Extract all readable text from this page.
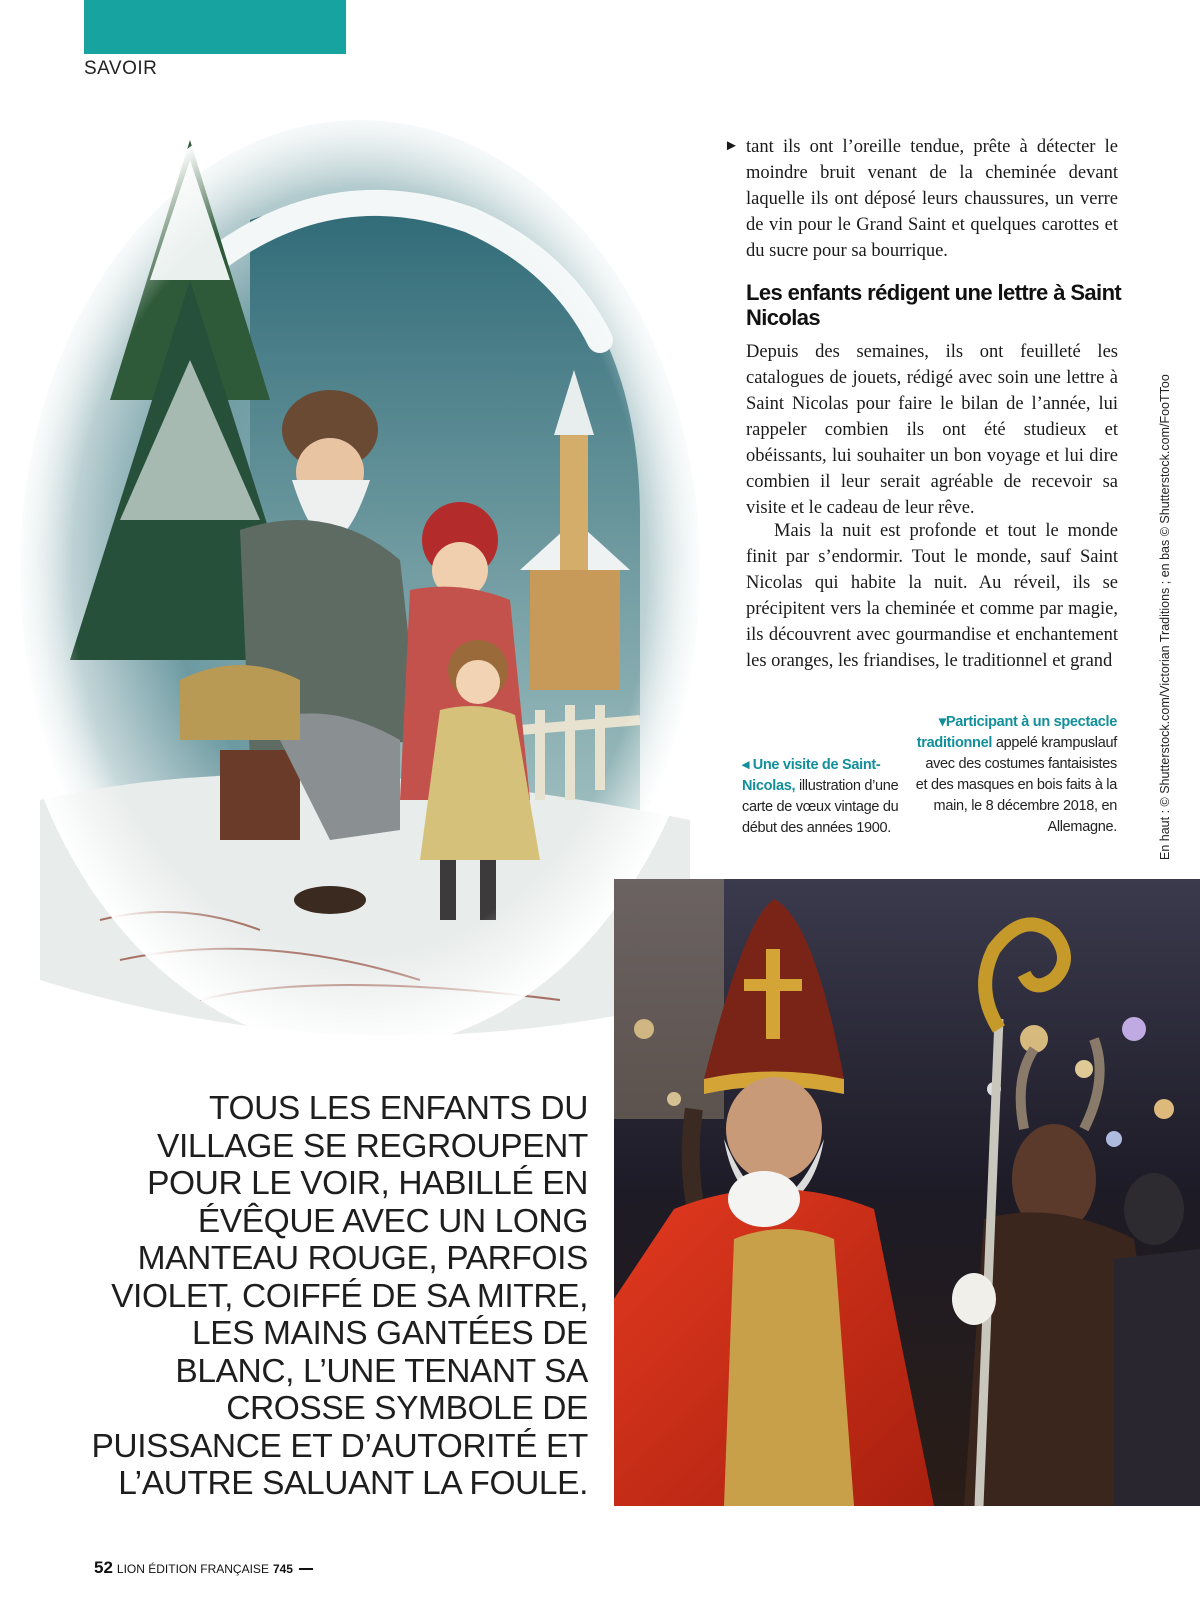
SAVOIR
► tant ils ont l’oreille tendue, prête à détecter le moindre bruit venant de la cheminée devant laquelle ils ont déposé leurs chaussures, un verre de vin pour le Grand Saint et quelques carottes et du sucre pour sa bourrique.

Les enfants rédigent une lettre à Saint Nicolas

Depuis des semaines, ils ont feuilleté les catalogues de jouets, rédigé avec soin une lettre à Saint Nicolas pour faire le bilan de l’année, lui rappeler combien ils ont été studieux et obéissants, lui souhaiter un bon voyage et lui dire combien il leur serait agréable de recevoir sa visite et le cadeau de leur rêve.

Mais la nuit est profonde et tout le monde finit par s’endormir. Tout le monde, sauf Saint Nicolas qui habite la nuit. Au réveil, ils se précipitent vers la cheminée et comme par magie, ils découvrent avec gourmandise et enchantement les oranges, les friandises, le traditionnel et grand

◂ Une visite de Saint-Nicolas, illustration d’une carte de vœux vintage du début des années 1900.
▾Participant à un spectacle traditionnel appelé krampuslauf avec des costumes fantaisistes et des masques en bois faits à la main, le 8 décembre 2018, en Allemagne.	En haut : © Shutterstock.com/Victorian Traditions ; en bas © Shutterstock.com/FooTToo

TOUS LES ENFANTS DU VILLAGE SE REGROUPENT POUR LE VOIR, HABILLÉ EN ÉVÊQUE AVEC UN LONG MANTEAU ROUGE, PARFOIS VIOLET, COIFFÉ DE SA MITRE, LES MAINS GANTÉES DE BLANC, L’UNE TENANT SA CROSSE SYMBOLE DE PUISSANCE ET D’AUTORITÉ ET L’AUTRE SALUANT LA FOULE.

52 LION ÉDITION FRANÇAISE 745
